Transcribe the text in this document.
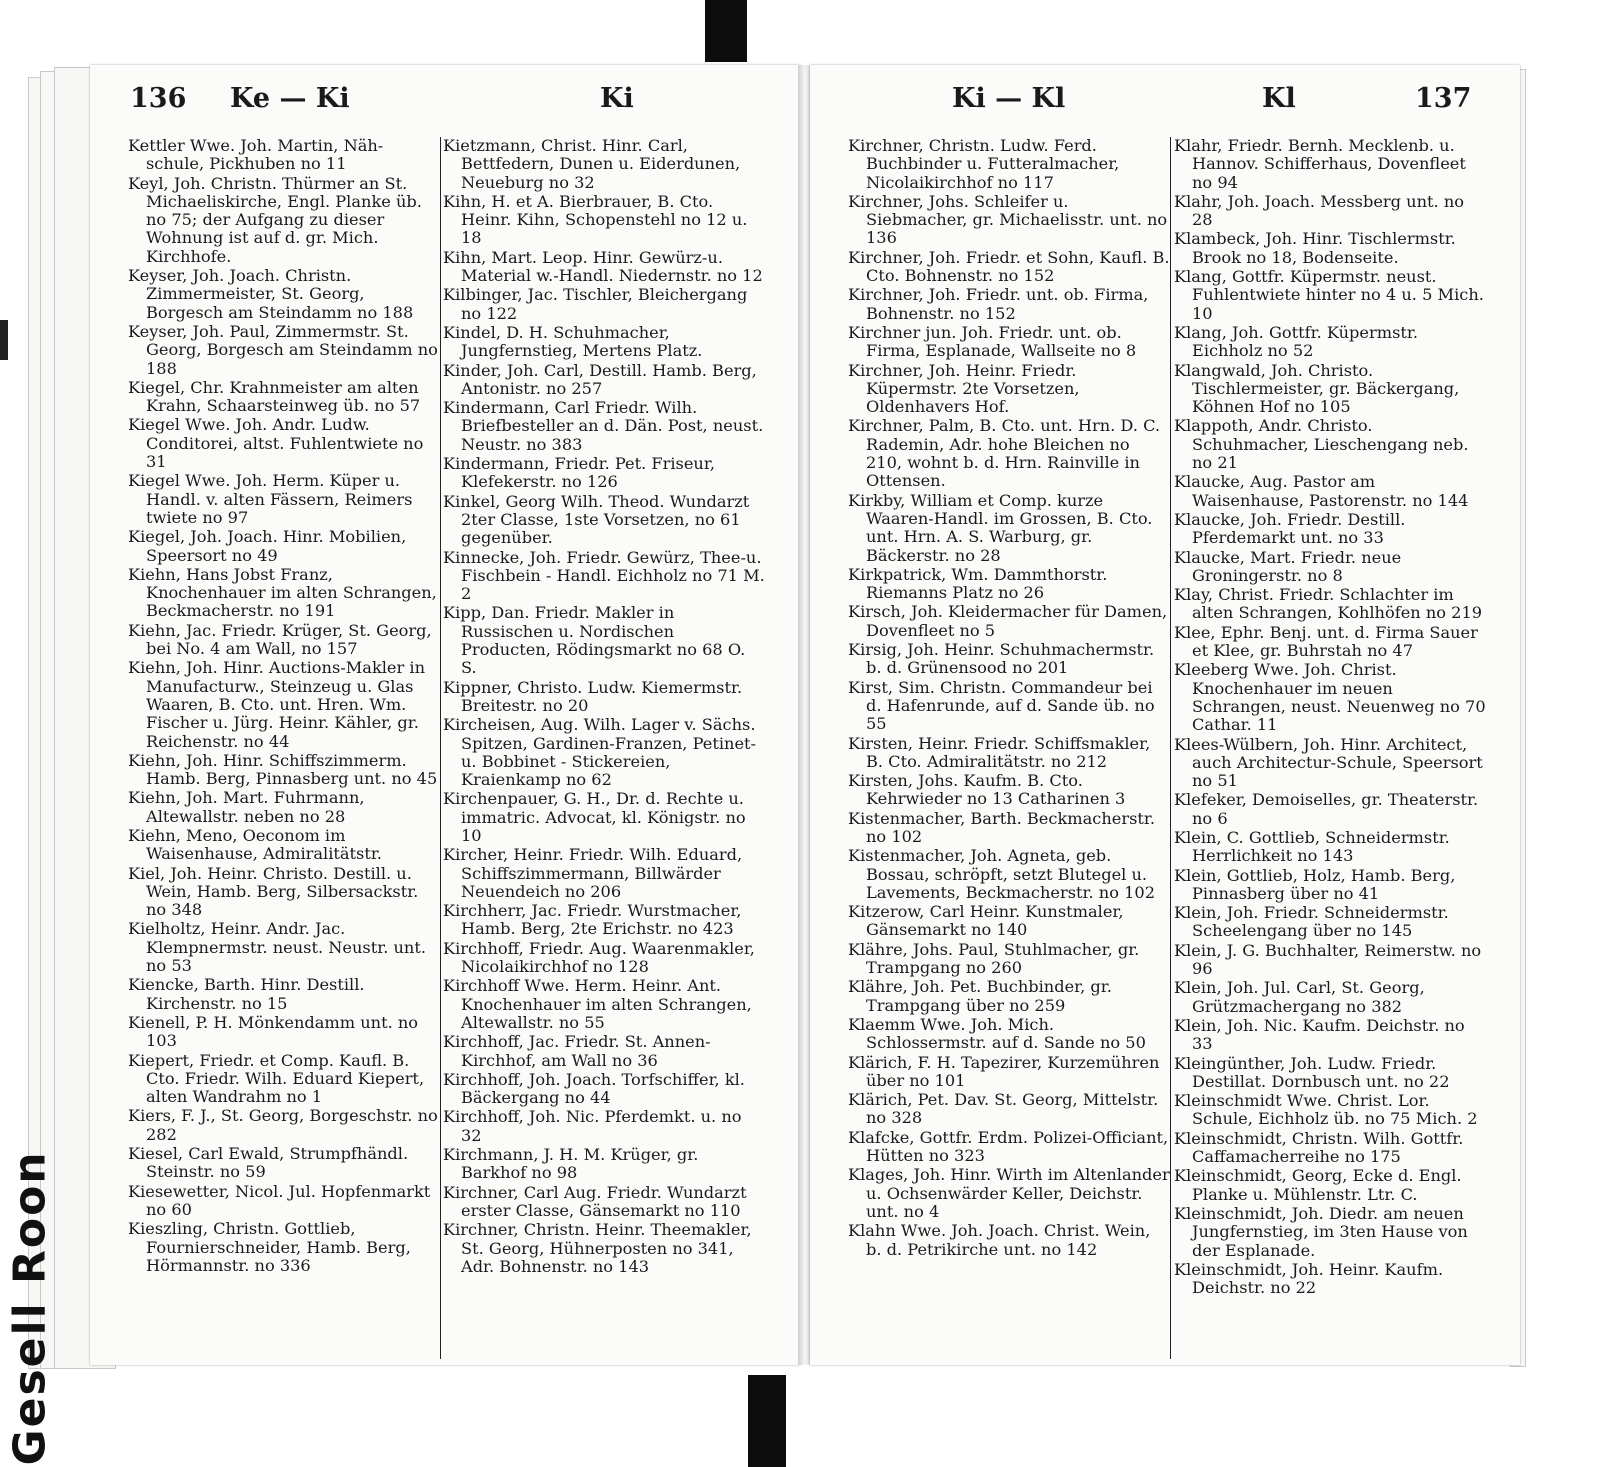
136 Ke — Ki	Ki

Kettler Wwe. Joh. Martin, Näh-schule, Pickhuben no 11

Keyl, Joh. Christn. Thürmer an St. Michaeliskirche, Engl. Planke üb. no 75; der Aufgang zu dieser Wohnung ist auf d. gr. Mich. Kirchhofe.

Keyser, Joh. Joach. Christn. Zimmermeister, St. Georg, Borgesch am Steindamm no 188

Keyser, Joh. Paul, Zimmermstr. St. Georg, Borgesch am Steindamm no 188

Kiegel, Chr. Krahnmeister am alten Krahn, Schaarsteinweg üb. no 57

Kiegel Wwe. Joh. Andr. Ludw. Conditorei, altst. Fuhlentwiete no 31

Kiegel Wwe. Joh. Herm. Küper u. Handl. v. alten Fässern, Reimers twiete no 97

Kiegel, Joh. Joach. Hinr. Mobilien, Speersort no 49

Kiehn, Hans Jobst Franz, Knochenhauer im alten Schrangen, Beckmacherstr. no 191

Kiehn, Jac. Friedr. Krüger, St. Georg, bei No. 4 am Wall, no 157

Kiehn, Joh. Hinr. Auctions-Makler in Manufacturw., Steinzeug u. Glas Waaren, B. Cto. unt. Hren. Wm. Fischer u. Jürg. Heinr. Kähler, gr. Reichenstr. no 44

Kiehn, Joh. Hinr. Schiffszimmerm. Hamb. Berg, Pinnasberg unt. no 45

Kiehn, Joh. Mart. Fuhrmann, Altewallstr. neben no 28

Kiehn, Meno, Oeconom im Waisenhause, Admiralitätstr.

Kiel, Joh. Heinr. Christo. Destill. u. Wein, Hamb. Berg, Silbersackstr. no 348

Kielholtz, Heinr. Andr. Jac. Klempnermstr. neust. Neustr. unt. no 53

Kiencke, Barth. Hinr. Destill. Kirchenstr. no 15

Kienell, P. H. Mönkendamm unt. no 103

Kiepert, Friedr. et Comp. Kaufl. B. Cto. Friedr. Wilh. Eduard Kiepert, alten Wandrahm no 1

Kiers, F. J., St. Georg, Borgeschstr. no 282

Kiesel, Carl Ewald, Strumpfhändl. Steinstr. no 59

Kiesewetter, Nicol. Jul. Hopfenmarkt no 60

Kieszling, Christn. Gottlieb, Fournierschneider, Hamb. Berg, Hörmannstr. no 336

Kietzmann, Christ. Hinr. Carl, Bettfedern, Dunen u. Eiderdunen, Neueburg no 32

Kihn, H. et A. Bierbrauer, B. Cto. Heinr. Kihn, Schopenstehl no 12 u. 18

Kihn, Mart. Leop. Hinr. Gewürz-u. Material w.-Handl. Niedernstr. no 12

Kilbinger, Jac. Tischler, Bleichergang no 122

Kindel, D. H. Schuhmacher, Jungfernstieg, Mertens Platz.

Kinder, Joh. Carl, Destill. Hamb. Berg, Antonistr. no 257

Kindermann, Carl Friedr. Wilh. Briefbesteller an d. Dän. Post, neust. Neustr. no 383

Kindermann, Friedr. Pet. Friseur, Klefekerstr. no 126

Kinkel, Georg Wilh. Theod. Wundarzt 2ter Classe, 1ste Vorsetzen, no 61 gegenüber.

Kinnecke, Joh. Friedr. Gewürz, Thee-u. Fischbein - Handl. Eichholz no 71 M. 2

Kipp, Dan. Friedr. Makler in Russischen u. Nordischen Producten, Rödingsmarkt no 68 O. S.

Kippner, Christo. Ludw. Kiemermstr. Breitestr. no 20

Kircheisen, Aug. Wilh. Lager v. Sächs. Spitzen, Gardinen-Franzen, Petinet-u. Bobbinet - Stickereien, Kraienkamp no 62

Kirchenpauer, G. H., Dr. d. Rechte u. immatric. Advocat, kl. Königstr. no 10

Kircher, Heinr. Friedr. Wilh. Eduard, Schiffszimmermann, Billwärder Neuendeich no 206

Kirchherr, Jac. Friedr. Wurstmacher, Hamb. Berg, 2te Erichstr. no 423

Kirchhoff, Friedr. Aug. Waarenmakler, Nicolaikirchhof no 128

Kirchhoff Wwe. Herm. Heinr. Ant. Knochenhauer im alten Schrangen, Altewallstr. no 55

Kirchhoff, Jac. Friedr. St. Annen-Kirchhof, am Wall no 36

Kirchhoff, Joh. Joach. Torfschiffer, kl. Bäckergang no 44

Kirchhoff, Joh. Nic. Pferdemkt. u. no 32

Kirchmann, J. H. M. Krüger, gr. Barkhof no 98

Kirchner, Carl Aug. Friedr. Wundarzt erster Classe, Gänsemarkt no 110

Kirchner, Christn. Heinr. Theemakler, St. Georg, Hühnerposten no 341, Adr. Bohnenstr. no 143

Ki — Kl	Kl	137

Kirchner, Christn. Ludw. Ferd. Buchbinder u. Futteralmacher, Nicolaikirchhof no 117

Kirchner, Johs. Schleifer u. Siebmacher, gr. Michaelisstr. unt. no 136

Kirchner, Joh. Friedr. et Sohn, Kaufl. B. Cto. Bohnenstr. no 152

Kirchner, Joh. Friedr. unt. ob. Firma, Bohnenstr. no 152

Kirchner jun. Joh. Friedr. unt. ob. Firma, Esplanade, Wallseite no 8

Kirchner, Joh. Heinr. Friedr. Küpermstr. 2te Vorsetzen, Oldenhavers Hof.

Kirchner, Palm, B. Cto. unt. Hrn. D. C. Rademin, Adr. hohe Bleichen no 210, wohnt b. d. Hrn. Rainville in Ottensen.

Kirkby, William et Comp. kurze Waaren-Handl. im Grossen, B. Cto. unt. Hrn. A. S. Warburg, gr. Bäckerstr. no 28

Kirkpatrick, Wm. Dammthorstr. Riemanns Platz no 26

Kirsch, Joh. Kleidermacher für Damen, Dovenfleet no 5

Kirsig, Joh. Heinr. Schuhmachermstr. b. d. Grünensood no 201

Kirst, Sim. Christn. Commandeur bei d. Hafenrunde, auf d. Sande üb. no 55

Kirsten, Heinr. Friedr. Schiffsmakler, B. Cto. Admiralitätstr. no 212

Kirsten, Johs. Kaufm. B. Cto. Kehrwieder no 13 Catharinen 3

Kistenmacher, Barth. Beckmacherstr. no 102

Kistenmacher, Joh. Agneta, geb. Bossau, schröpft, setzt Blutegel u. Lavements, Beckmacherstr. no 102

Kitzerow, Carl Heinr. Kunstmaler, Gänsemarkt no 140

Klähre, Johs. Paul, Stuhlmacher, gr. Trampgang no 260

Klähre, Joh. Pet. Buchbinder, gr. Trampgang über no 259

Klaemm Wwe. Joh. Mich. Schlossermstr. auf d. Sande no 50

Klärich, F. H. Tapezirer, Kurzemühren über no 101

Klärich, Pet. Dav. St. Georg, Mittelstr. no 328

Klafcke, Gottfr. Erdm. Polizei-Officiant, Hütten no 323

Klages, Joh. Hinr. Wirth im Altenlander u. Ochsenwärder Keller, Deichstr. unt. no 4

Klahn Wwe. Joh. Joach. Christ. Wein, b. d. Petrikirche unt. no 142

Klahr, Friedr. Bernh. Mecklenb. u. Hannov. Schifferhaus, Dovenfleet no 94

Klahr, Joh. Joach. Messberg unt. no 28

Klambeck, Joh. Hinr. Tischlermstr. Brook no 18, Bodenseite.

Klang, Gottfr. Küpermstr. neust. Fuhlentwiete hinter no 4 u. 5 Mich. 10

Klang, Joh. Gottfr. Küpermstr. Eichholz no 52

Klangwald, Joh. Christo. Tischlermeister, gr. Bäckergang, Köhnen Hof no 105

Klappoth, Andr. Christo. Schuhmacher, Lieschengang neb. no 21

Klaucke, Aug. Pastor am Waisenhause, Pastorenstr. no 144

Klaucke, Joh. Friedr. Destill. Pferdemarkt unt. no 33

Klaucke, Mart. Friedr. neue Groningerstr. no 8

Klay, Christ. Friedr. Schlachter im alten Schrangen, Kohlhöfen no 219

Klee, Ephr. Benj. unt. d. Firma Sauer et Klee, gr. Buhrstah no 47

Kleeberg Wwe. Joh. Christ. Knochenhauer im neuen Schrangen, neust. Neuenweg no 70 Cathar. 11

Klees-Wülbern, Joh. Hinr. Architect, auch Architectur-Schule, Speersort no 51

Klefeker, Demoiselles, gr. Theaterstr. no 6

Klein, C. Gottlieb, Schneidermstr. Herrlichkeit no 143

Klein, Gottlieb, Holz, Hamb. Berg, Pinnasberg über no 41

Klein, Joh. Friedr. Schneidermstr. Scheelengang über no 145

Klein, J. G. Buchhalter, Reimerstw. no 96

Klein, Joh. Jul. Carl, St. Georg, Grützmachergang no 382

Klein, Joh. Nic. Kaufm. Deichstr. no 33

Kleingünther, Joh. Ludw. Friedr. Destillat. Dornbusch unt. no 22

Kleinschmidt Wwe. Christ. Lor. Schule, Eichholz üb. no 75 Mich. 2

Kleinschmidt, Christn. Wilh. Gottfr. Caffamacherreihe no 175

Kleinschmidt, Georg, Ecke d. Engl. Planke u. Mühlenstr. Ltr. C.

Kleinschmidt, Joh. Diedr. am neuen Jungfernstieg, im 3ten Hause von der Esplanade.

Kleinschmidt, Joh. Heinr. Kaufm. Deichstr. no 22

Gesell Roon
